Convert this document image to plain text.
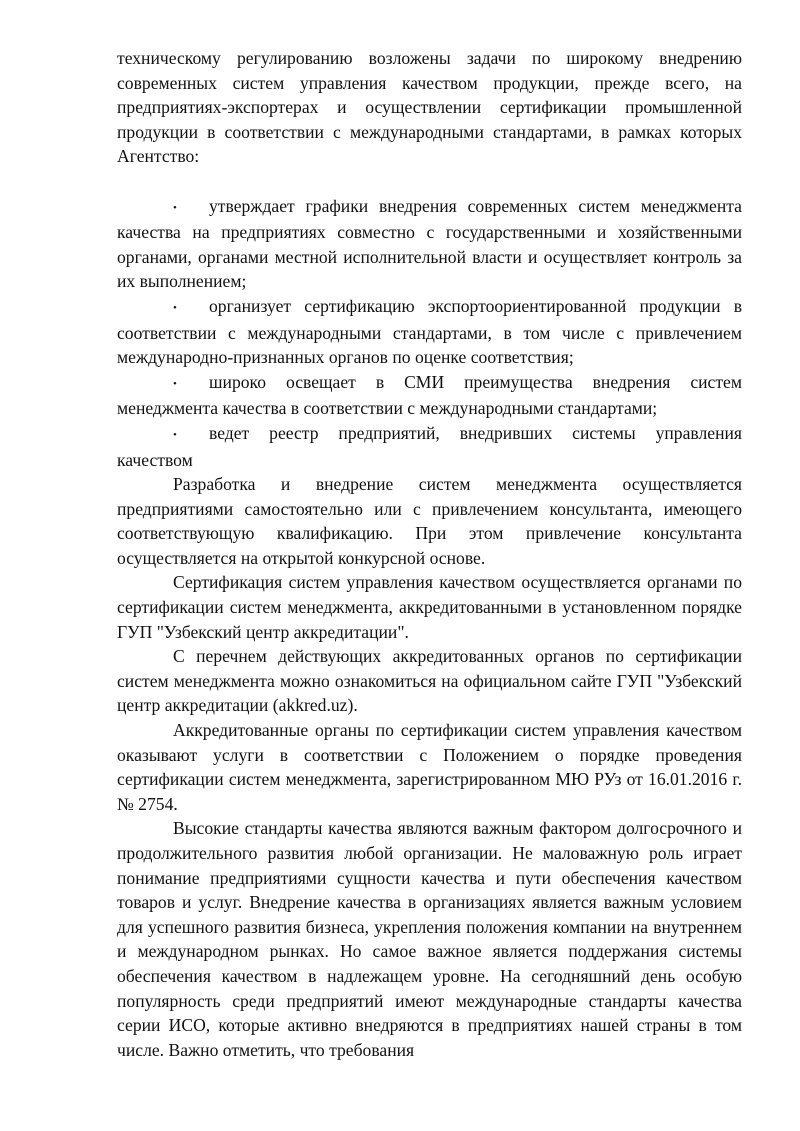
техническому регулированию возложены задачи по широкому внедрению современных систем управления качеством продукции, прежде всего, на предприятиях-экспортерах и осуществлении сертификации промышленной продукции в соответствии с международными стандартами, в рамках которых Агентство:

• утверждает графики внедрения современных систем менеджмента качества на предприятиях совместно с государственными и хозяйственными органами, органами местной исполнительной власти и осуществляет контроль за их выполнением;

• организует сертификацию экспортоориентированной продукции в соответствии с международными стандартами, в том числе с привлечением международно-признанных органов по оценке соответствия;

• широко освещает в СМИ преимущества внедрения систем менеджмента качества в соответствии с международными стандартами;

• ведет реестр предприятий, внедривших системы управления качеством

Разработка и внедрение систем менеджмента осуществляется предприятиями самостоятельно или с привлечением консультанта, имеющего соответствующую квалификацию. При этом привлечение консультанта осуществляется на открытой конкурсной основе.

Сертификация систем управления качеством осуществляется органами по сертификации систем менеджмента, аккредитованными в установленном порядке ГУП "Узбекский центр аккредитации".

С перечнем действующих аккредитованных органов по сертификации систем менеджмента можно ознакомиться на официальном сайте ГУП "Узбекский центр аккредитации (akkred.uz).

Аккредитованные органы по сертификации систем управления качеством оказывают услуги в соответствии с Положением о порядке проведения сертификации систем менеджмента, зарегистрированном МЮ РУз от 16.01.2016 г. № 2754.

Высокие стандарты качества являются важным фактором долгосрочного и продолжительного развития любой организации. Не маловажную роль играет понимание предприятиями сущности качества и пути обеспечения качеством товаров и услуг. Внедрение качества в организациях является важным условием для успешного развития бизнеса, укрепления положения компании на внутреннем и международном рынках. Но самое важное является поддержания системы обеспечения качеством в надлежащем уровне. На сегодняшний день особую популярность среди предприятий имеют международные стандарты качества серии ИСО, которые активно внедряются в предприятиях нашей страны в том числе. Важно отметить, что требования
